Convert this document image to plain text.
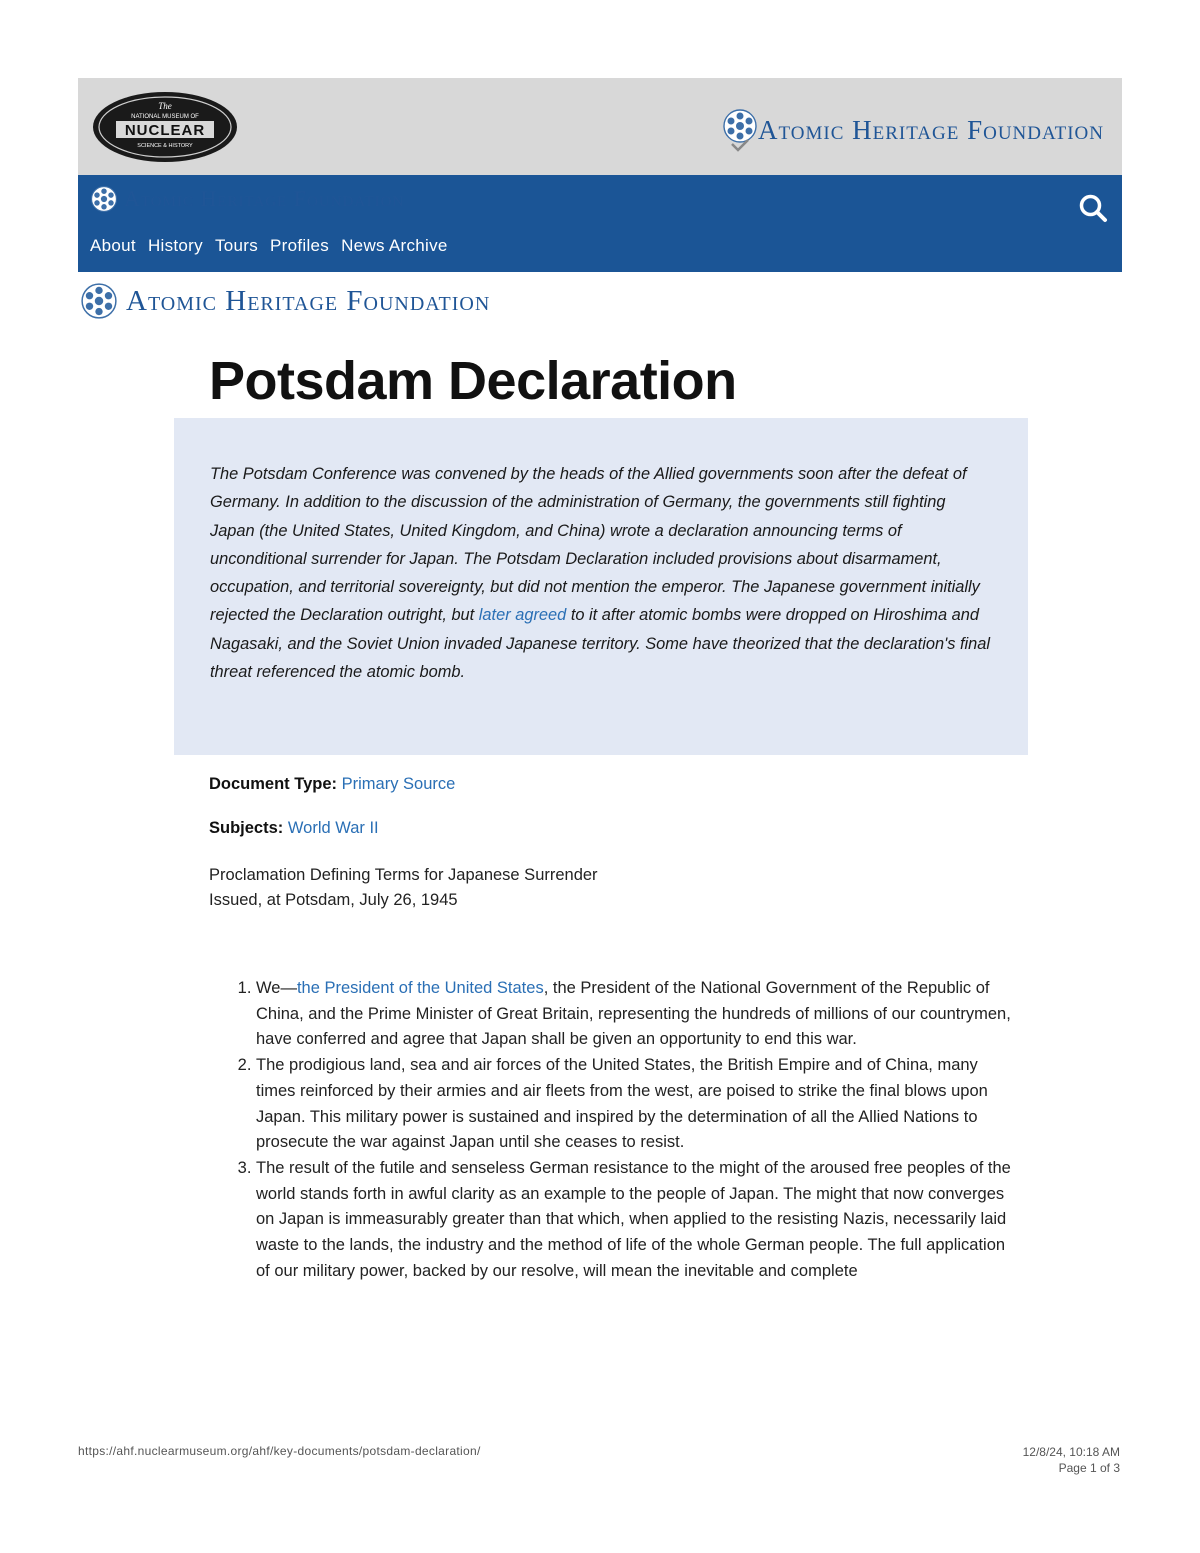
The
NATIONAL MUSEUM OF
NUCLEAR
SCIENCE & HISTORY
Atomic Heritage Foundation
Atomic Heritage Foundation
About History Tours Profiles News Archive
Atomic Heritage Foundation
Potsdam Declaration

The Potsdam Conference was convened by the heads of the Allied governments soon after the defeat of Germany. In addition to the discussion of the administration of Germany, the governments still fighting Japan (the United States, United Kingdom, and China) wrote a declaration announcing terms of unconditional surrender for Japan. The Potsdam Declaration included provisions about disarmament, occupation, and territorial sovereignty, but did not mention the emperor. The Japanese government initially rejected the Declaration outright, but later agreed to it after atomic bombs were dropped on Hiroshima and Nagasaki, and the Soviet Union invaded Japanese territory. Some have theorized that the declaration's final threat referenced the atomic bomb.

Document Type: Primary Source
Subjects: World War II
Proclamation Defining Terms for Japanese Surrender
Issued, at Potsdam, July 26, 1945
1. We—the President of the United States, the President of the National Government of the Republic of China, and the Prime Minister of Great Britain, representing the hundreds of millions of our countrymen, have conferred and agree that Japan shall be given an opportunity to end this war.
2. The prodigious land, sea and air forces of the United States, the British Empire and of China, many times reinforced by their armies and air fleets from the west, are poised to strike the final blows upon Japan. This military power is sustained and inspired by the determination of all the Allied Nations to prosecute the war against Japan until she ceases to resist.
3. The result of the futile and senseless German resistance to the might of the aroused free peoples of the world stands forth in awful clarity as an example to the people of Japan. The might that now converges on Japan is immeasurably greater than that which, when applied to the resisting Nazis, necessarily laid waste to the lands, the industry and the method of life of the whole German people. The full application of our military power, backed by our resolve, will mean the inevitable and complete
https://ahf.nuclearmuseum.org/ahf/key-documents/potsdam-declaration/	12/8/24, 10:18 AM
Page 1 of 3
